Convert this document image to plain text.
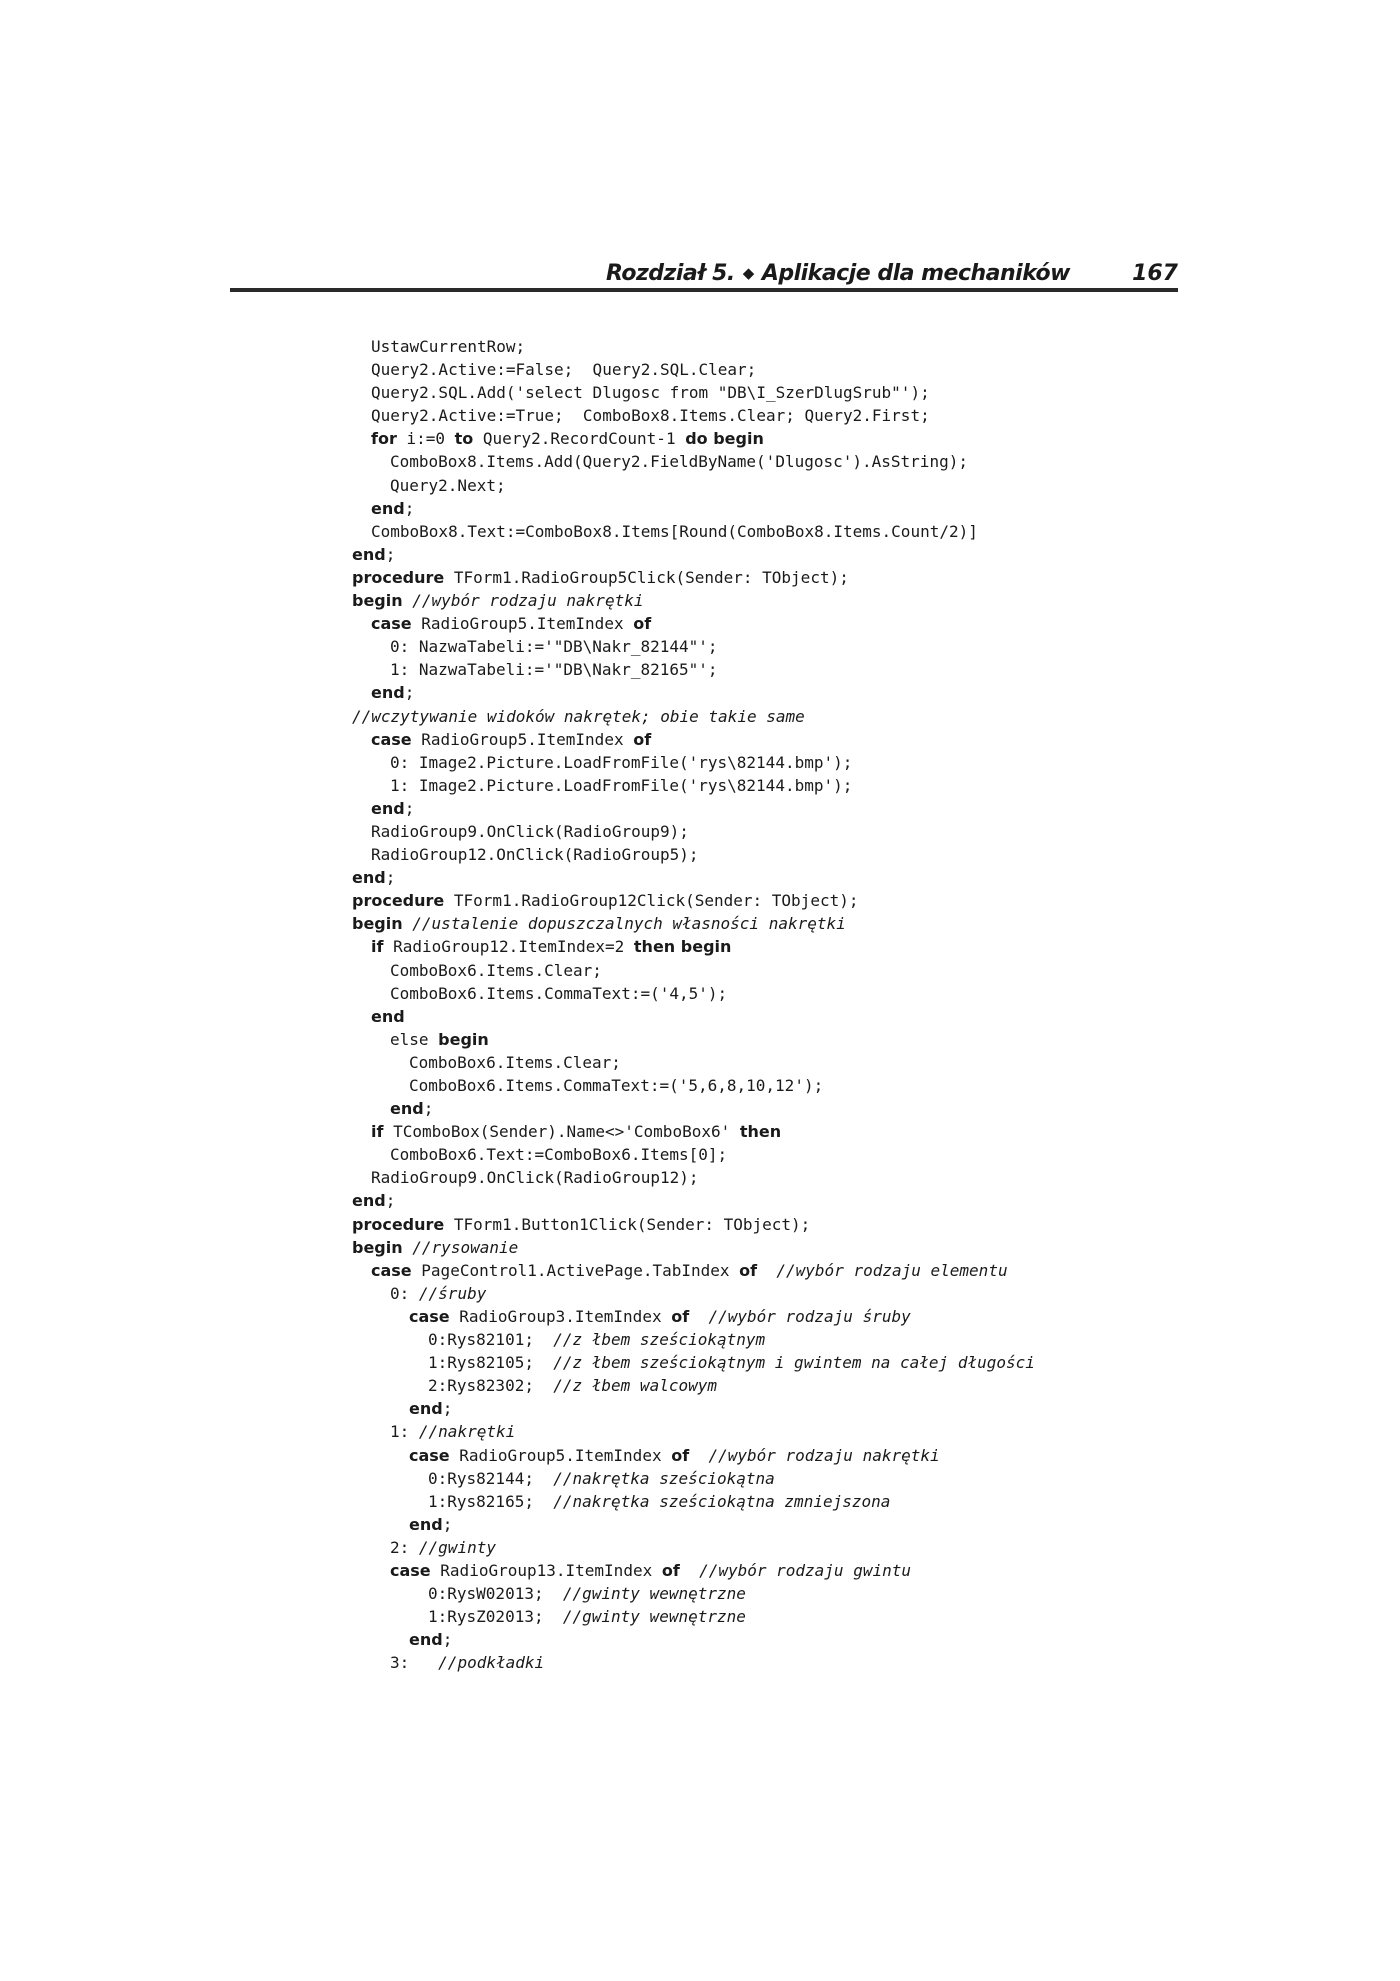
Rozdział 5. ◆ Aplikacje dla mechaników	167
UstawCurrentRow;
Query2.Active:=False;  Query2.SQL.Clear;
Query2.SQL.Add('select Dlugosc from "DB\I_SzerDlugSrub"');
Query2.Active:=True;  ComboBox8.Items.Clear; Query2.First;
for i:=0 to Query2.RecordCount-1 do begin
ComboBox8.Items.Add(Query2.FieldByName('Dlugosc').AsString);
Query2.Next;
end;
ComboBox8.Text:=ComboBox8.Items[Round(ComboBox8.Items.Count/2)]
end;
procedure TForm1.RadioGroup5Click(Sender: TObject);
begin //wybór rodzaju nakrętki
case RadioGroup5.ItemIndex of
0: NazwaTabeli:='"DB\Nakr_82144"';
1: NazwaTabeli:='"DB\Nakr_82165"';
end;
//wczytywanie widoków nakrętek; obie takie same
case RadioGroup5.ItemIndex of
0: Image2.Picture.LoadFromFile('rys\82144.bmp');
1: Image2.Picture.LoadFromFile('rys\82144.bmp');
end;
RadioGroup9.OnClick(RadioGroup9);
RadioGroup12.OnClick(RadioGroup5);
end;
procedure TForm1.RadioGroup12Click(Sender: TObject);
begin //ustalenie dopuszczalnych własności nakrętki
if RadioGroup12.ItemIndex=2 then begin
ComboBox6.Items.Clear;
ComboBox6.Items.CommaText:=('4,5');
end
else begin
ComboBox6.Items.Clear;
ComboBox6.Items.CommaText:=('5,6,8,10,12');
end;
if TComboBox(Sender).Name<>'ComboBox6' then
ComboBox6.Text:=ComboBox6.Items[0];
RadioGroup9.OnClick(RadioGroup12);
end;
procedure TForm1.Button1Click(Sender: TObject);
begin //rysowanie
case PageControl1.ActivePage.TabIndex of //wybór rodzaju elementu
0: //śruby
case RadioGroup3.ItemIndex of //wybór rodzaju śruby
0:Rys82101;  //z łbem sześciokątnym
1:Rys82105;  //z łbem sześciokątnym i gwintem na całej długości
2:Rys82302;  //z łbem walcowym
end;
1: //nakrętki
case RadioGroup5.ItemIndex of //wybór rodzaju nakrętki
0:Rys82144;  //nakrętka sześciokątna
1:Rys82165;  //nakrętka sześciokątna zmniejszona
end;
2: //gwinty
case RadioGroup13.ItemIndex of //wybór rodzaju gwintu
0:RysW02013;  //gwinty wewnętrzne
1:RysZ02013;  //gwinty wewnętrzne
end;
3:   //podkładki
